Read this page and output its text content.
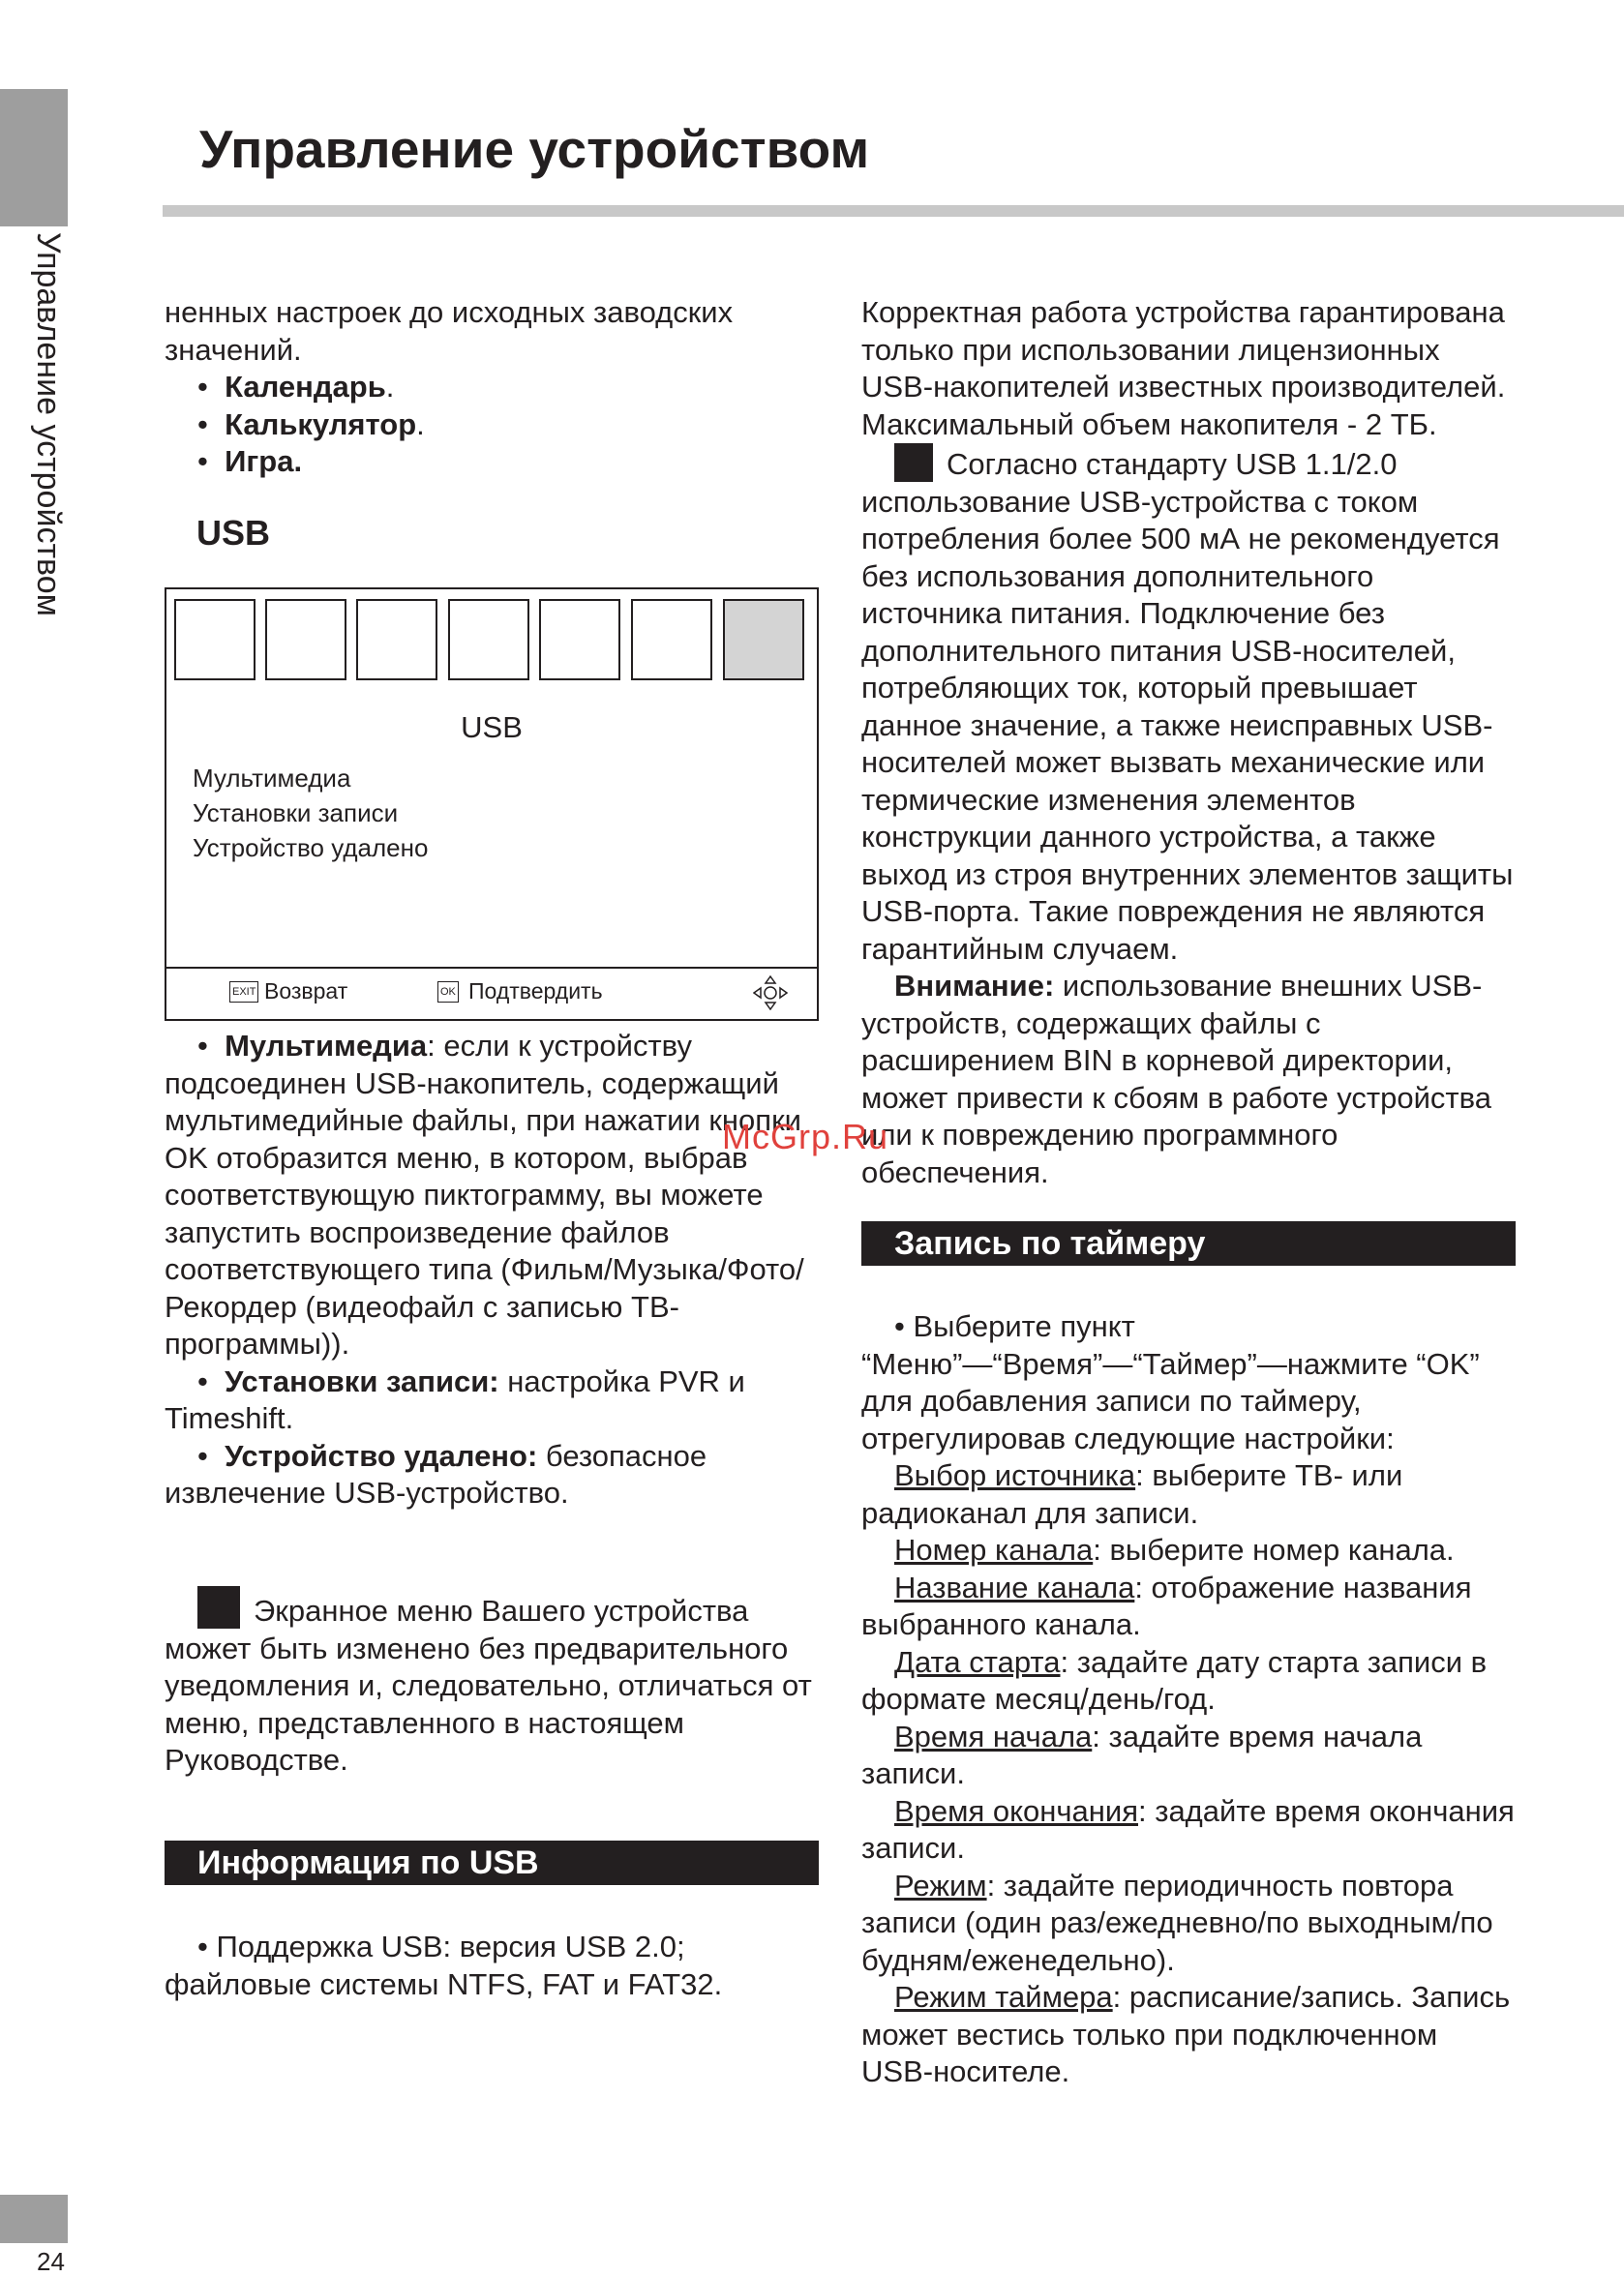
Управление устройством
24
Управление устройством

ненных настроек до исходных заводских значений.

•  Календарь.

•  Калькулятор.

•  Игра.

USB
USB
Мультимедиа
Установки записи
Устройство удалено
EXIT Возврат	OK Подтвердить

•  Мультимедиа: если к устройству подсоединен USB-накопитель, содержащий мультимедийные файлы, при нажатии кнопки OK отобразится меню, в котором, выбрав соответствующую пиктограмму, вы можете запустить воспроизведение файлов соответствующего типа (Фильм/Музыка/Фото/Рекордер (видеофайл с записью ТВ-программы)).

•  Установки записи: настройка PVR и Timeshift.

•  Устройство удалено: безопасное извлечение USB-устройство.

Экранное меню Вашего устройства может быть изменено без предварительного уведомления и, следовательно, отличаться от меню, представленного в настоящем Руководстве.

Информация по USB

• Поддержка USB: версия USB 2.0; файловые системы NTFS, FAT и FAT32.

Корректная работа устройства гарантирована только при использовании лицензионных USB-накопителей известных производителей. Максимальный объем накопителя - 2 ТБ.

Согласно стандарту USB 1.1/2.0 использование USB-устройства с током потребления более 500 мА не рекомендуется без использования дополнительного источника питания. Подключение без дополнительного питания USB-носителей, потребляющих ток, который превышает данное значение, а также неисправных USB-носителей может вызвать механические или термические изменения элементов конструкции данного устройства, а также выход из строя внутренних элементов защиты USB-порта. Такие повреждения не являются гарантийным случаем.

Внимание: использование внешних USB-устройств, содержащих файлы с расширением BIN в корневой директории, может привести к сбоям в работе устройства или к повреждению программного обеспечения.

Запись по таймеру

• Выберите пункт “Меню”—“Время”—“Таймер”—нажмите “OK” для добавления записи по таймеру, отрегулировав следующие настройки:

Выбор источника: выберите ТВ- или радиоканал для записи.

Номер канала: выберите номер канала.

Название канала: отображение названия выбранного канала.

Дата старта: задайте дату старта записи в формате месяц/день/год.

Время начала: задайте время начала записи.

Время окончания: задайте время окончания записи.

Режим: задайте периодичность повтора записи (один раз/ежедневно/по выходным/по будням/еженедельно).

Режим таймера: расписание/запись. Запись может вестись только при подключенном USB-носителе.

McGrp.Ru
